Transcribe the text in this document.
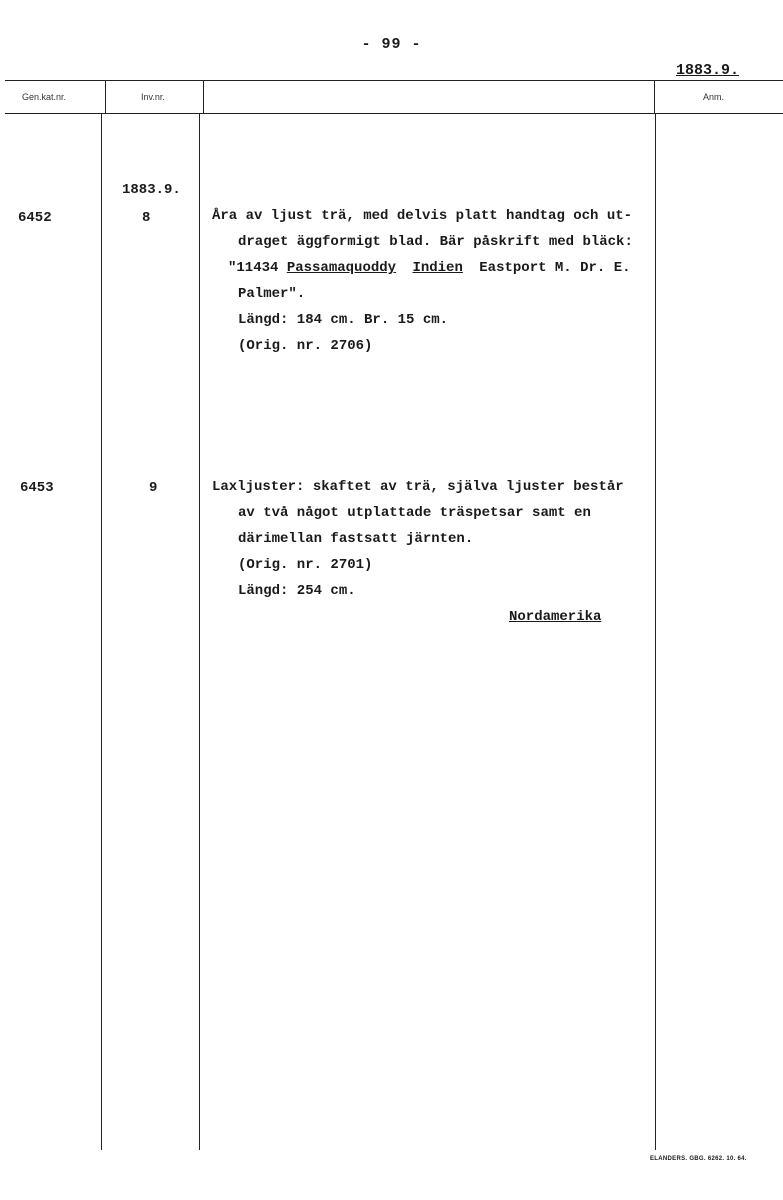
- 99 -
1883.9.
Gen.kat.nr.	Inv.nr.	Anm.
1883.9.
6452	8	Åra av ljust trä, med delvis platt handtag och ut-
draget äggformigt blad. Bär påskrift med bläck:
"11434 Passamaquoddy Indien Eastport M. Dr. E.
Palmer".
Längd: 184 cm. Br. 15 cm.
(Orig. nr. 2706)
6453	9	Laxljuster: skaftet av trä, själva ljuster består
av två något utplattade träspetsar samt en
därimellan fastsatt järnten.
(Orig. nr. 2701)
Längd: 254 cm.
Nordamerika
ELANDERS. GBG. 6262. 10. 64.
